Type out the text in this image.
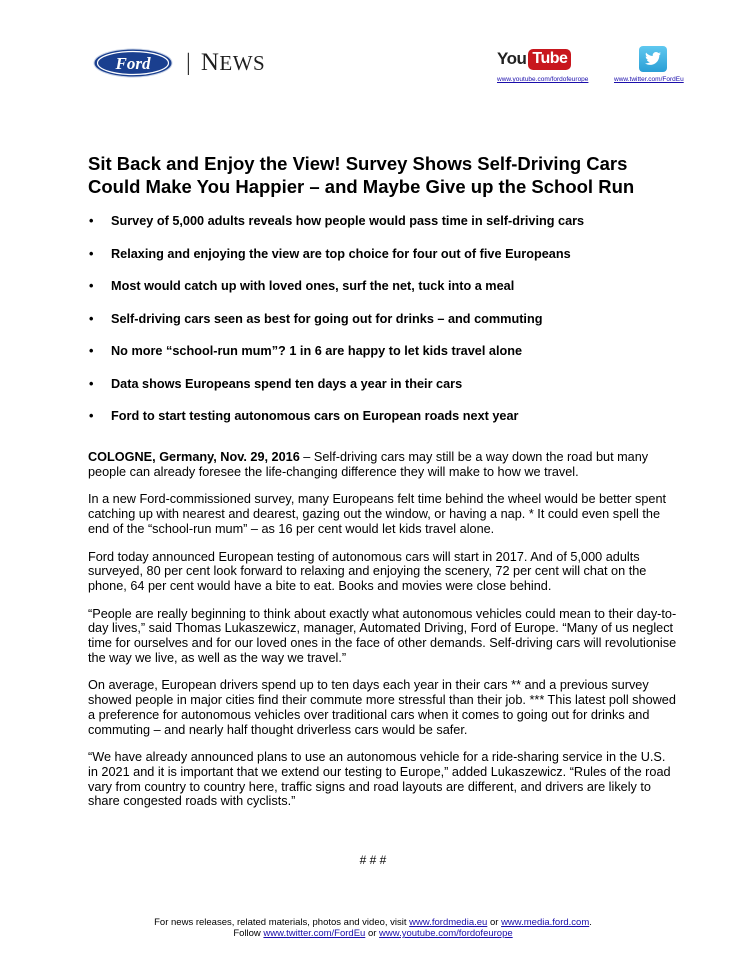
Ford | NEWS	You Tube
www.youtube.com/fordofeurope	www.twitter.com/FordEu
Sit Back and Enjoy the View! Survey Shows Self-Driving Cars
Could Make You Happier – and Maybe Give up the School Run
• Survey of 5,000 adults reveals how people would pass time in self-driving cars
• Relaxing and enjoying the view are top choice for four out of five Europeans
• Most would catch up with loved ones, surf the net, tuck into a meal
• Self-driving cars seen as best for going out for drinks – and commuting
• No more “school-run mum”? 1 in 6 are happy to let kids travel alone
• Data shows Europeans spend ten days a year in their cars
• Ford to start testing autonomous cars on European roads next year

COLOGNE, Germany, Nov. 29, 2016 – Self-driving cars may still be a way down the road but many people can already foresee the life-changing difference they will make to how we travel.

In a new Ford-commissioned survey, many Europeans felt time behind the wheel would be better spent catching up with nearest and dearest, gazing out the window, or having a nap. * It could even spell the end of the “school-run mum” – as 16 per cent would let kids travel alone.

Ford today announced European testing of autonomous cars will start in 2017. And of 5,000 adults surveyed, 80 per cent look forward to relaxing and enjoying the scenery, 72 per cent will chat on the phone, 64 per cent would have a bite to eat. Books and movies were close behind.

“People are really beginning to think about exactly what autonomous vehicles could mean to their day-to-day lives,” said Thomas Lukaszewicz, manager, Automated Driving, Ford of Europe. “Many of us neglect time for ourselves and for our loved ones in the face of other demands. Self-driving cars will revolutionise the way we live, as well as the way we travel.”

On average, European drivers spend up to ten days each year in their cars ** and a previous survey showed people in major cities find their commute more stressful than their job. *** This latest poll showed a preference for autonomous vehicles over traditional cars when it comes to going out for drinks and commuting – and nearly half thought driverless cars would be safer.

“We have already announced plans to use an autonomous vehicle for a ride-sharing service in the U.S. in 2021 and it is important that we extend our testing to Europe,” added Lukaszewicz. “Rules of the road vary from country to country here, traffic signs and road layouts are different, and drivers are likely to share congested roads with cyclists.”

# # #
For news releases, related materials, photos and video, visit www.fordmedia.eu or www.media.ford.com.
Follow www.twitter.com/FordEu or www.youtube.com/fordofeurope
